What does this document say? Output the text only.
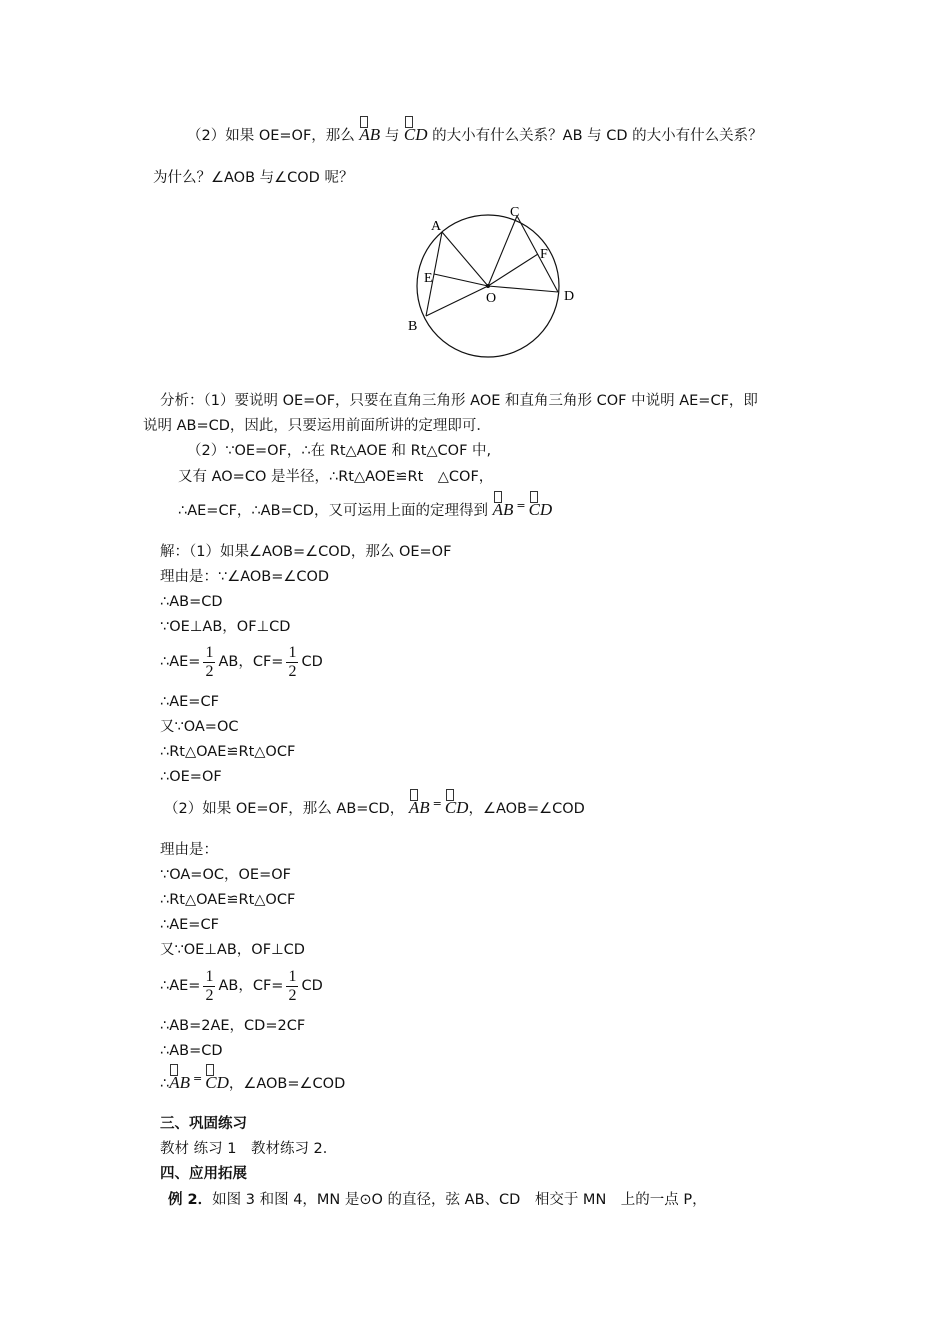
（2）如果 OE=OF，那么 AB 与 CD 的大小有什么关系？AB 与 CD 的大小有什么关系？
为什么？∠AOB 与∠COD 呢？
A
B
C
D
E
F
O
分析：（1）要说明 OE=OF，只要在直角三角形 AOE 和直角三角形 COF 中说明 AE=CF，即
说明 AB=CD，因此，只要运用前面所讲的定理即可．
（2）∵OE=OF，∴在 Rt△AOE 和 Rt△COF 中,
又有 AO=CO 是半径，∴Rt△AOE≌Rt　△COF，
∴AE=CF，∴AB=CD，又可运用上面的定理得到 AB = CD
解：（1）如果∠AOB=∠COD，那么 OE=OF
理由是：∵∠AOB=∠COD
∴AB=CD
∵OE⊥AB，OF⊥CD
∴AE= $\frac{1}{2}$ AB，$CF= \frac{1}{2}$ CD
∴AE=CF
又∵OA=OC
∴Rt△OAE≌Rt△OCF
∴OE=OF
（2）如果 OE=OF，那么 AB=CD， AB = CD，∠AOB=∠COD
理由是：
∵OA=OC，OE=OF
∴Rt△OAE≌Rt△OCF
∴AE=CF
又∵OE⊥AB，OF⊥CD
∴AE= $\frac{1}{2}$ AB，$CF= \frac{1}{2}$ CD
∴AB=2AE，CD=2CF
∴AB=CD
∴
AB = CD，∠AOB=∠COD
三、巩固练习
教材 练习 1　教材练习 2．
四、应用拓展
例 2．如图 3 和图 4，MN 是⊙O 的直径，弦 AB、CD　相交于 MN　上的一点 P，
